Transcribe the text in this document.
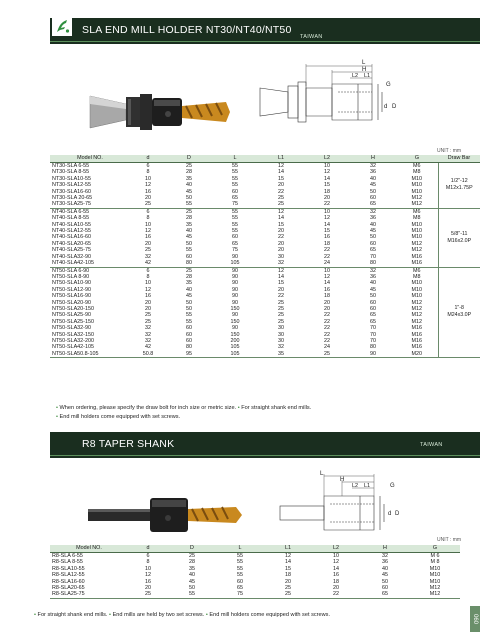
SLA END MILL HOLDER NT30/NT40/NT50
TAIWAN
L
H
L2 L1
G
d D
UNIT : mm
Model NO.	d	D	L	L1	L2	H	G	Draw Bar
NT30-SLA 6-55	6	25	55	12	10	32	M6	1/2"-12
M12x1.75P

NT30-SLA 8-55	8	28	55	14	12	36	M8	
NT30-SLA10-55	10	35	55	15	14	40	M10	
NT30-SLA12-55	12	40	55	20	15	45	M10	
NT30-SLA16-60	16	45	60	22	18	50	M10	
NT30-SLA 20-65	20	50	65	25	20	60	M12	
NT30-SLA25-75	25	55	75	25	22	65	M12	
NT40-SLA 6-55	6	25	55	12	10	32	M6	5/8"-11
M16x2.0P

NT40-SLA 8-55	8	28	55	14	12	36	M8	
NT40-SLA10-55	10	35	55	15	14	40	M10	
NT40-SLA12-55	12	40	55	20	15	45	M10	
NT40-SLA16-60	16	45	60	22	16	50	M10	
NT40-SLA20-65	20	50	65	20	18	60	M12	
NT40-SLA25-75	25	55	75	20	22	65	M12	
NT40-SLA32-90	32	60	90	30	22	70	M16	
NT40-SLA42-105	42	80	105	32	24	80	M16	
NT50-SLA 6-90	6	25	90	12	10	32	M6	1"-8
M24x3.0P

NT50-SLA 8-90	8	28	90	14	12	36	M8	
NT50-SLA10-90	10	35	90	15	14	40	M10	
NT50-SLA12-90	12	40	90	20	16	45	M10	
NT50-SLA16-90	16	45	90	22	18	50	M10	
NT50-SLA20-90	20	50	90	25	20	60	M12	
NT50-SLA20-150	20	50	150	25	20	60	M12	
NT50-SLA25-90	25	55	90	25	22	65	M12	
NT50-SLA25-150	25	55	150	25	22	65	M12	
NT50-SLA32-90	32	60	90	30	22	70	M16	
NT50-SLA32-150	32	60	150	30	22	70	M16	
NT50-SLA32-200	32	60	200	30	22	70	M16	
NT50-SLA42-105	42	80	105	32	24	80	M16	
NT50-SLA50.8-105	50.8	95	105	35	25	90	M20	
• When ordering, please specify the draw bolt for inch size or metric size. • For straight shank end mills.
• End mill holders come equipped with set screws.
R8 TAPER SHANK	TAIWAN
L
H
L2 L1	G
d D
UNIT : mm
Model NO.	d	D	L	L1	L2	H	G
R8-SLA 6-55	6	25	55	12	10	32	M 6
R8-SLA 8-55	8	28	55	14	12	36	M 8
R8-SLA10-55	10	35	55	15	14	40	M10
R8-SLA12-55	12	40	55	18	16	45	M10
R8-SLA16-60	16	45	60	20	18	50	M10
R8-SLA20-65	20	50	65	25	20	60	M12
R8-SLA25-75	25	55	75	25	22	65	M12
• For straight shank end mills. • End mills are held by two set screws. • End mill holders come equipped with set screws.	060
